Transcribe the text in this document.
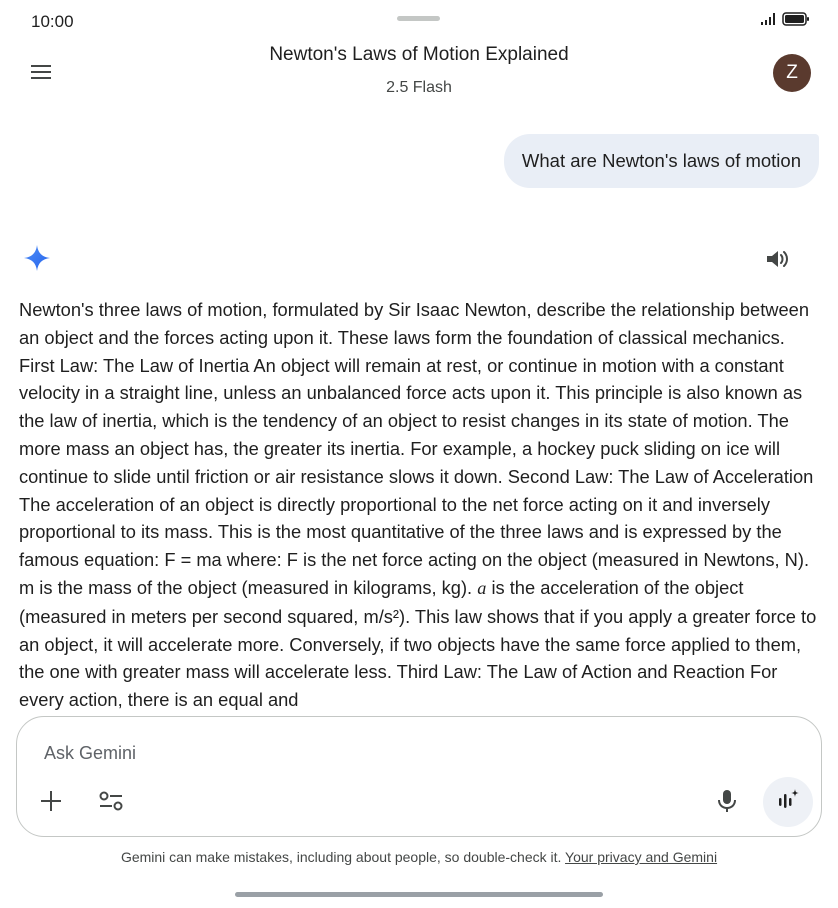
10:00
Newton's Laws of Motion Explained
2.5 Flash
Z
What are Newton's laws of motion
Newton's three laws of motion, formulated by Sir Isaac Newton, describe the relationship between an object and the forces acting upon it. These laws form the foundation of classical mechanics. First Law: The Law of Inertia An object will remain at rest, or continue in motion with a constant velocity in a straight line, unless an unbalanced force acts upon it. This principle is also known as the law of inertia, which is the tendency of an object to resist changes in its state of motion. The more mass an object has, the greater its inertia. For example, a hockey puck sliding on ice will continue to slide until friction or air resistance slows it down. Second Law: The Law of Acceleration The acceleration of an object is directly proportional to the net force acting on it and inversely proportional to its mass. This is the most quantitative of the three laws and is expressed by the famous equation: F = ma where: F is the net force acting on the object (measured in Newtons, N). m is the mass of the object (measured in kilograms, kg). a is the acceleration of the object (measured in meters per second squared, m/s²). This law shows that if you apply a greater force to an object, it will accelerate more. Conversely, if two objects have the same force applied to them, the one with greater mass will accelerate less. Third Law: The Law of Action and Reaction For every action, there is an equal and
Ask Gemini
Gemini can make mistakes, including about people, so double-check it. Your privacy and Gemini
